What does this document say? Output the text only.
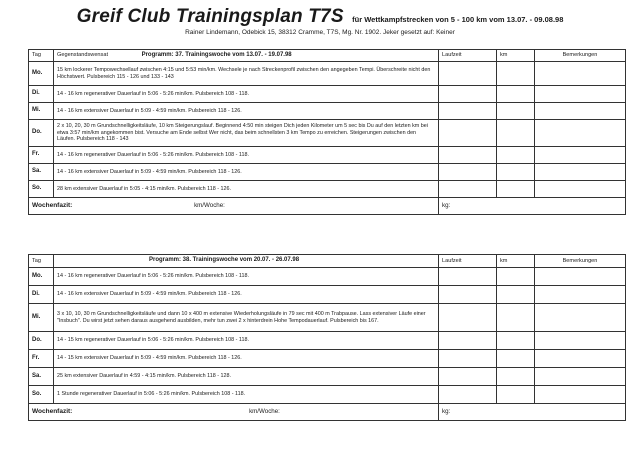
Greif Club Trainingsplan T7S für Wettkampfstrecken von 5 - 100 km vom 13.07. - 09.08.98
Rainer Lindemann, Odebick 15, 38312 Cramme, T7S, Mg. Nr. 1902. Jeker gesetzt auf: Keiner
Tag	Gegenstandswensat Programm: 37. Trainingswoche vom 13.07. - 19.07.98	Laufzeit	km	Bemerkungen
Mo.	15 km lockerer Tempowechsellauf zwischen 4:15 und 5:53 min/km. Wechsele je nach Streckenprofil zwischen den angegeben Tempi. Überschreite nicht den Höchstwert. Pulsbereich 115 - 126 und 133 - 143			
Di.	14 - 16 km regenerativer Dauerlauf in 5:06 - 5:26 min/km. Pulsbereich 108 - 118.			
Mi.	14 - 16 km extensiver Dauerlauf in 5:09 - 4:59 min/km. Pulsbereich 118 - 126.			
Do.	2 x 10, 20, 30 m Grundschnelligkeitsläufe, 10 km Steigerungslauf. Beginnend 4:50 min steigen Dich jeden Kilometer um 5 sec bis Du auf den letzten km bei etwa 3:57 min/km angekommen bist. Versuche am Ende selbst Wer nicht, das beim schnellsten 3 km Tempo zu erreichen. Steigerungen zwischen den Läufen. Pulsbereich 118 - 143			
Fr.	14 - 16 km regenerativer Dauerlauf in 5:06 - 5:26 min/km. Pulsbereich 108 - 118.			
Sa.	14 - 16 km extensiver Dauerlauf in 5:09 - 4:59 min/km. Pulsbereich 118 - 126.			
So.	28 km extensiver Dauerlauf in 5:05 - 4:15 min/km. Pulsbereich 118 - 126.			
Wochenfazit: km/Woche:		kg:		
Tag	Programm: 38. Trainingswoche vom 20.07. - 26.07.98	Laufzeit	km	Bemerkungen
Mo.	14 - 16 km regenerativer Dauerlauf in 5:06 - 5:26 min/km. Pulsbereich 108 - 118.			
Di.	14 - 16 km extensiver Dauerlauf in 5:09 - 4:59 min/km. Pulsbereich 118 - 126.			
Mi.	3 x 10, 10, 30 m Grundschnelligkeitsläufe und dann 10 x 400 m extensive Wiederholungsläufe in 79 sec mit 400 m Trabpause. Lass extensiver Läufe einer "Insbuch". Du wirst jetzt sehen daraus ausgehend ausbilden, mehr tun zwei 2 x hinterdrein Hohe Tempodauerlauf. Pulsbereich bis 167.			
Do.	14 - 15 km regenerativer Dauerlauf in 5:06 - 5:26 min/km. Pulsbereich 108 - 118.			
Fr.	14 - 15 km extensiver Dauerlauf in 5:09 - 4:59 min/km. Pulsbereich 118 - 126.			
Sa.	25 km extensiver Dauerlauf in 4:59 - 4:15 min/km. Pulsbereich 118 - 128.			
So.	1 Stunde regenerativer Dauerlauf in 5:06 - 5:26 min/km. Pulsbereich 108 - 118.			
Wochenfazit: km/Woche:		kg:		
